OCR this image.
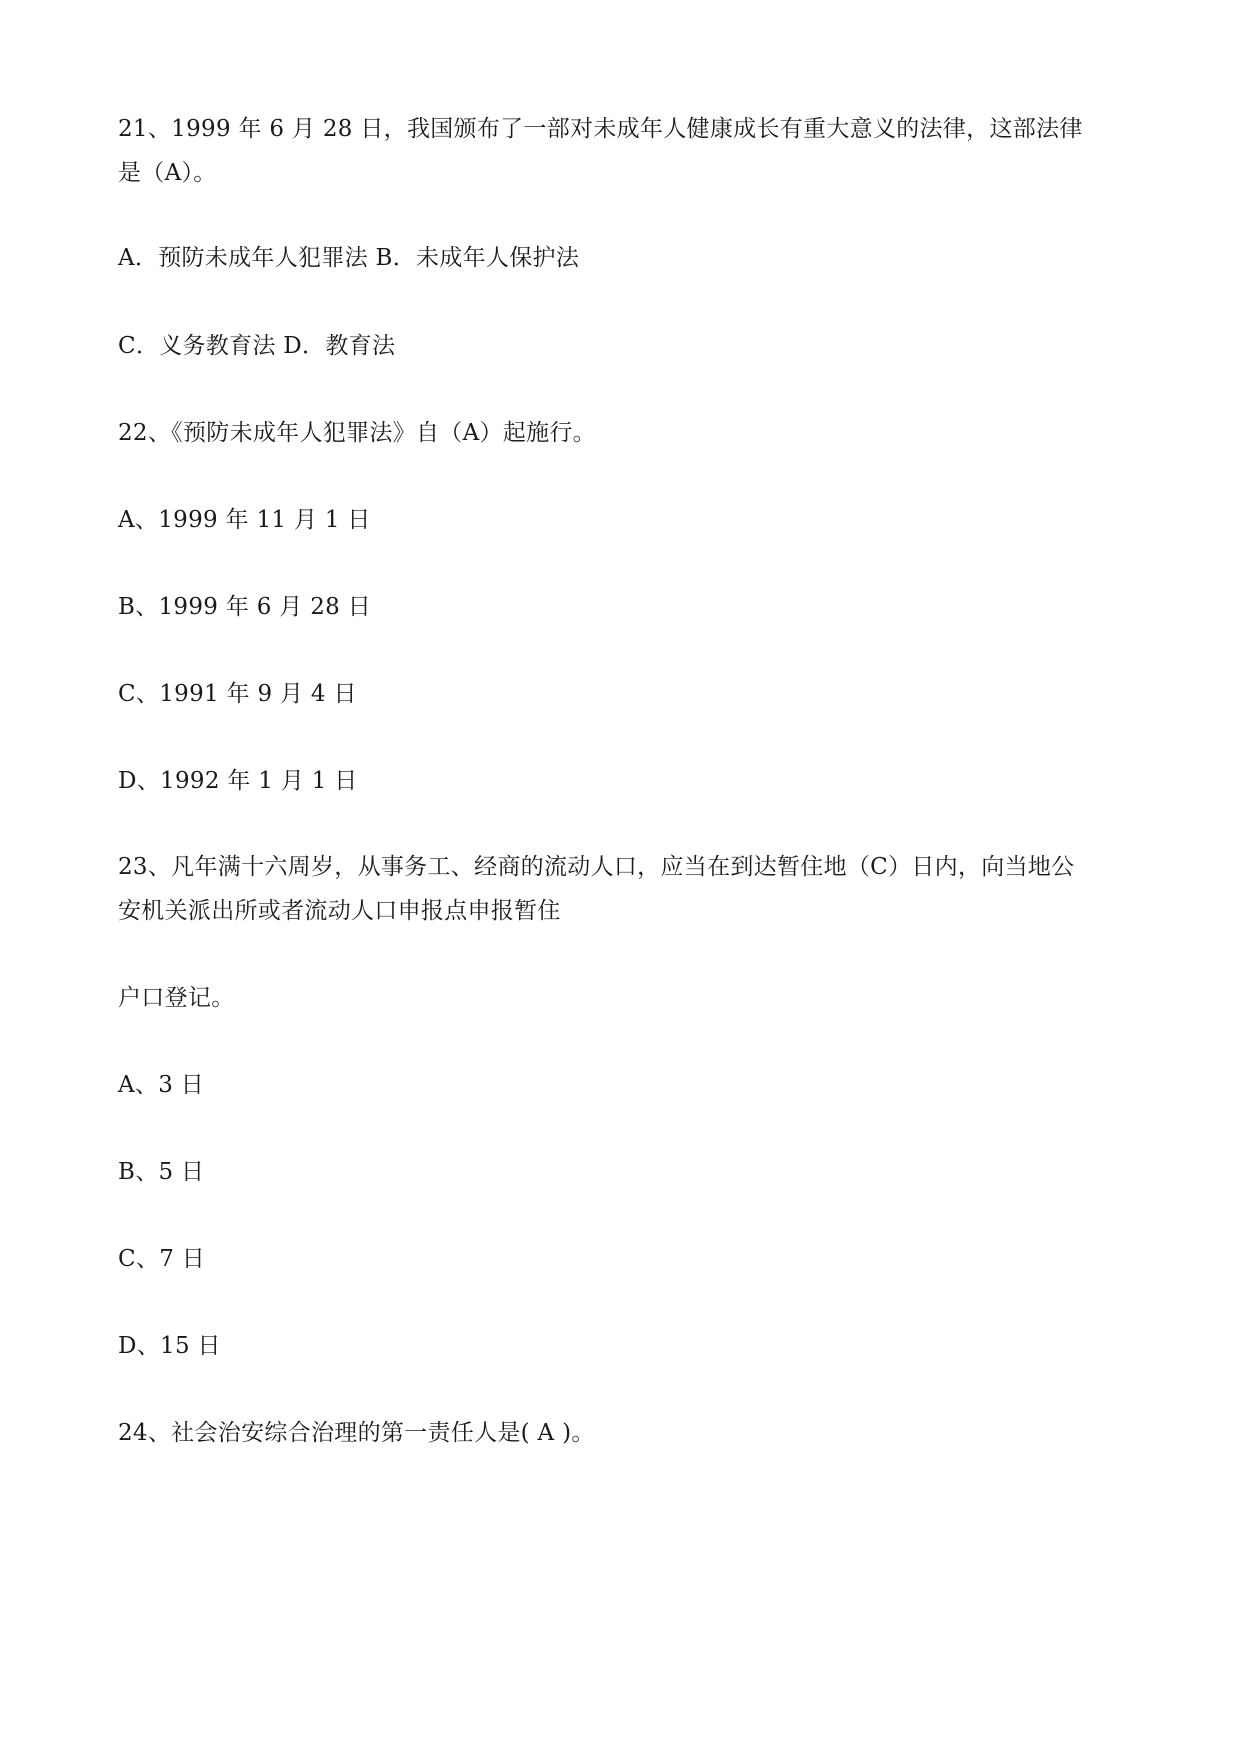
21、1999 年 6 月 28 日，我国颁布了一部对未成年人健康成长有重大意义的法律，这部法律
是（A）。
A．预防未成年人犯罪法 B．未成年人保护法
C．义务教育法 D．教育法
22、《预防未成年人犯罪法》自（A）起施行。
A、1999 年 11 月 1 日
B、1999 年 6 月 28 日
C、1991 年 9 月 4 日
D、1992 年 1 月 1 日
23、凡年满十六周岁，从事务工、经商的流动人口，应当在到达暂住地（C）日内，向当地公
安机关派出所或者流动人口申报点申报暂住
户口登记。
A、3 日
B、5 日
C、7 日
D、15 日
24、社会治安综合治理的第一责任人是( A )。
